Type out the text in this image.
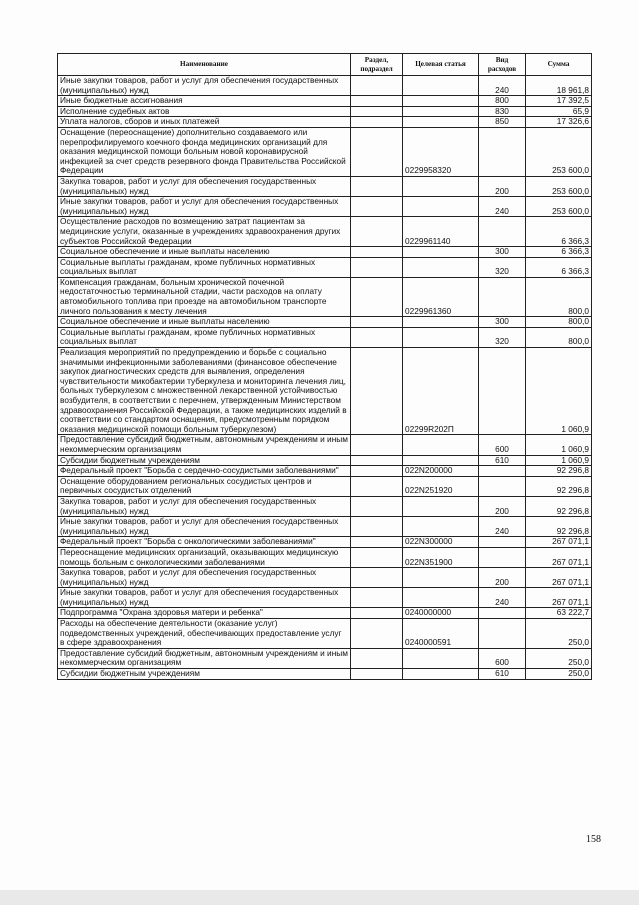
Наименование	Раздел, подраздел	Целевая статья	Вид расходов	Сумма
Иные закупки товаров, работ и услуг для обеспечения государственных (муниципальных) нужд			240	18 961,8
Иные бюджетные ассигнования			800	17 392,5
Исполнение судебных актов			830	65,9
Уплата налогов, сборов и иных платежей			850	17 326,6
Оснащение (переоснащение) дополнительно создаваемого или перепрофилируемого коечного фонда медицинских организаций для оказания медицинской помощи больным новой коронавирусной инфекцией за счет средств резервного фонда Правительства Российской Федерации		0229958320		253 600,0
Закупка товаров, работ и услуг для обеспечения государственных (муниципальных) нужд			200	253 600,0
Иные закупки товаров, работ и услуг для обеспечения государственных (муниципальных) нужд			240	253 600,0
Осуществление расходов по возмещению затрат пациентам за медицинские услуги, оказанные в учреждениях здравоохранения других субъектов Российской Федерации		0229961140		6 366,3
Социальное обеспечение и иные выплаты населению			300	6 366,3
Социальные выплаты гражданам, кроме публичных нормативных социальных выплат			320	6 366,3
Компенсация гражданам, больным хронической почечной недостаточностью терминальной стадии, части расходов на оплату автомобильного топлива при проезде на автомобильном транспорте личного пользования к месту лечения		0229961360		800,0
Социальное обеспечение и иные выплаты населению			300	800,0
Социальные выплаты гражданам, кроме публичных нормативных социальных выплат			320	800,0
Реализация мероприятий по предупреждению и борьбе с социально значимыми инфекционными заболеваниями (финансовое обеспечение закупок диагностических средств для выявления, определения чувствительности микобактерии туберкулеза и мониторинга лечения лиц, больных туберкулезом с множественной лекарственной устойчивостью возбудителя, в соответствии с перечнем, утвержденным Министерством здравоохранения Российской Федерации, а также медицинских изделий в соответствии со стандартом оснащения, предусмотренным порядком оказания медицинской помощи больным туберкулезом)		02299R202П		1 060,9
Предоставление субсидий бюджетным, автономным учреждениям и иным некоммерческим организациям			600	1 060,9
Субсидии бюджетным учреждениям			610	1 060,9
Федеральный проект "Борьба с сердечно-сосудистыми заболеваниями"		022N200000		92 296,8
Оснащение оборудованием региональных сосудистых центров и первичных сосудистых отделений		022N251920		92 296,8
Закупка товаров, работ и услуг для обеспечения государственных (муниципальных) нужд			200	92 296,8
Иные закупки товаров, работ и услуг для обеспечения государственных (муниципальных) нужд			240	92 296,8
Федеральный проект "Борьба с онкологическими заболеваниями"		022N300000		267 071,1
Переоснащение медицинских организаций, оказывающих медицинскую помощь больным с онкологическими заболеваниями		022N351900		267 071,1
Закупка товаров, работ и услуг для обеспечения государственных (муниципальных) нужд			200	267 071,1
Иные закупки товаров, работ и услуг для обеспечения государственных (муниципальных) нужд			240	267 071,1
Подпрограмма "Охрана здоровья матери и ребенка"		0240000000		63 222,7
Расходы на обеспечение деятельности (оказание услуг) подведомственных учреждений, обеспечивающих предоставление услуг в сфере здравоохранения		0240000591		250,0
Предоставление субсидий бюджетным, автономным учреждениям и иным некоммерческим организациям			600	250,0
Субсидии бюджетным учреждениям			610	250,0
158
